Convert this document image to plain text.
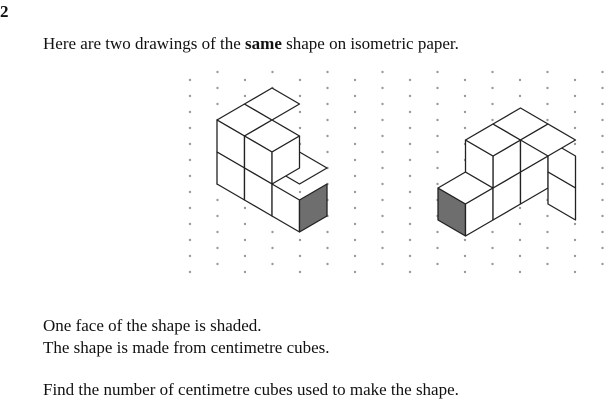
2
Here are two drawings of the same shape on isometric paper.
One face of the shape is shaded.
The shape is made from centimetre cubes.
Find the number of centimetre cubes used to make the shape.
